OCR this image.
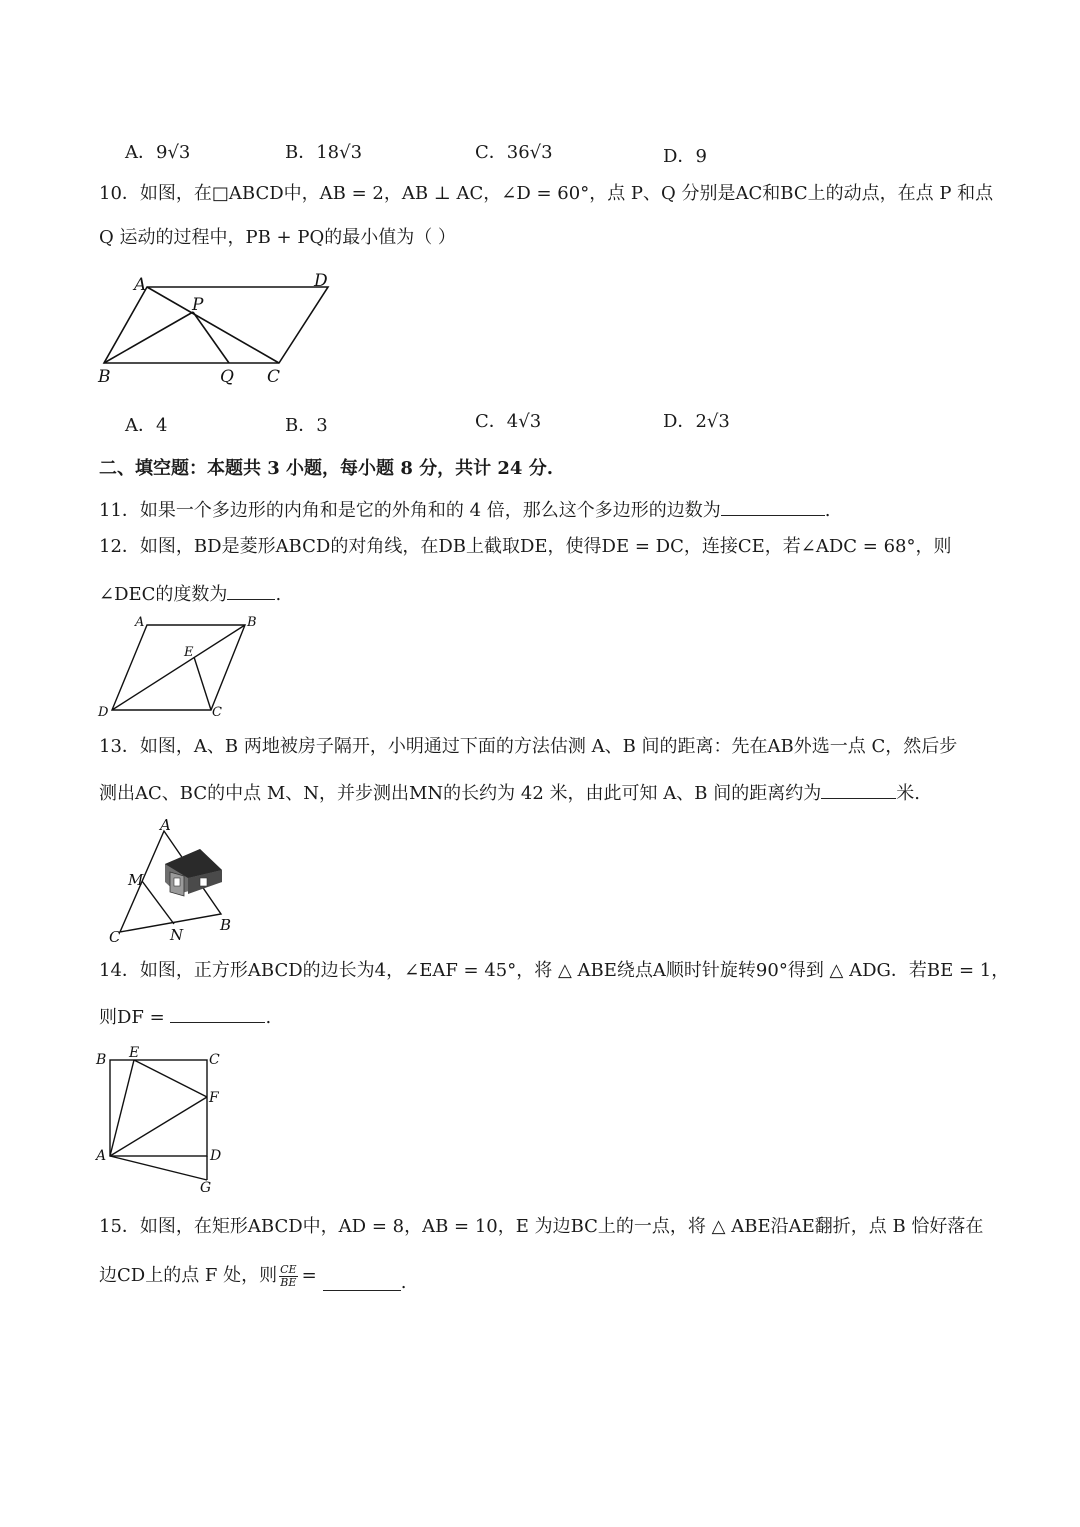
A．9√3	B．18√3	C．36√3	D．9
10．如图，在□ABCD中，AB = 2，AB ⊥ AC，∠D = 60°，点 P、Q 分别是AC和BC上的动点，在点 P 和点
Q 运动的过程中，PB + PQ的最小值为（ ）
A	D
P
B	Q C
A．4	B．3	C．4√3	D．2√3
二、填空题：本题共 3 小题，每小题 8 分，共计 24 分.
11．如果一个多边形的内角和是它的外角和的 4 倍，那么这个多边形的边数为	.
12．如图，BD是菱形ABCD的对角线，在DB上截取DE，使得DE = DC，连接CE，若∠ADC = 68°，则
∠DEC的度数为	.
A	B
E
D	C
13．如图，A、B 两地被房子隔开，小明通过下面的方法估测 A、B 间的距离：先在AB外选一点 C，然后步
测出AC、BC的中点 M、N，并步测出MN的长约为 42 米，由此可知 A、B 间的距离约为	米.
A
M
C	N
B
14．如图，正方形ABCD的边长为4，∠EAF = 45°，将 △ ABE绕点A顺时针旋转90°得到 △ ADG．若BE = 1，
则DF =	.
B E	C
F
A	D
G
15．如图，在矩形ABCD中，AD = 8，AB = 10，E 为边BC上的一点，将 △ ABE沿AE翻折，点 B 恰好落在
边CD上的点 F 处，则 $\frac{CE}{BE}$ =	.
